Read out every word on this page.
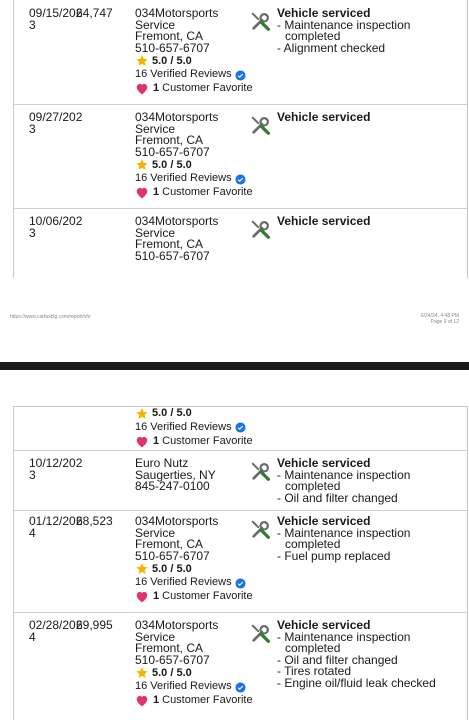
09/15/202
3
64,747	034Motorsports
Service
Fremont, CA
510-657-6707
5.0 / 5.0
16 Verified Reviews
1 Customer Favorite
Vehicle serviced
- Maintenance inspection completed
- Alignment checked
09/27/202
3
034Motorsports
Service
Fremont, CA
510-657-6707
5.0 / 5.0
16 Verified Reviews
1 Customer Favorite
Vehicle serviced
10/06/202
3
034Motorsports
Service
Fremont, CA
510-657-6707
Vehicle serviced
https://www.carfaxblg.com/report/vhr	6/24/24, 4:48 PM
Page 9 of 12
5.0 / 5.0
16 Verified Reviews
1 Customer Favorite
10/12/202
3
Euro Nutz
Saugerties, NY
845-247-0100
Vehicle serviced
- Maintenance inspection completed
- Oil and filter changed
01/12/202
4
68,523	034Motorsports
Service
Fremont, CA
510-657-6707
5.0 / 5.0
16 Verified Reviews
1 Customer Favorite
Vehicle serviced
- Maintenance inspection completed
- Fuel pump replaced
02/28/202
4
69,995	034Motorsports
Service
Fremont, CA
510-657-6707
5.0 / 5.0
16 Verified Reviews
1 Customer Favorite
Vehicle serviced
- Maintenance inspection completed
- Oil and filter changed
- Tires rotated
- Engine oil/fluid leak checked
